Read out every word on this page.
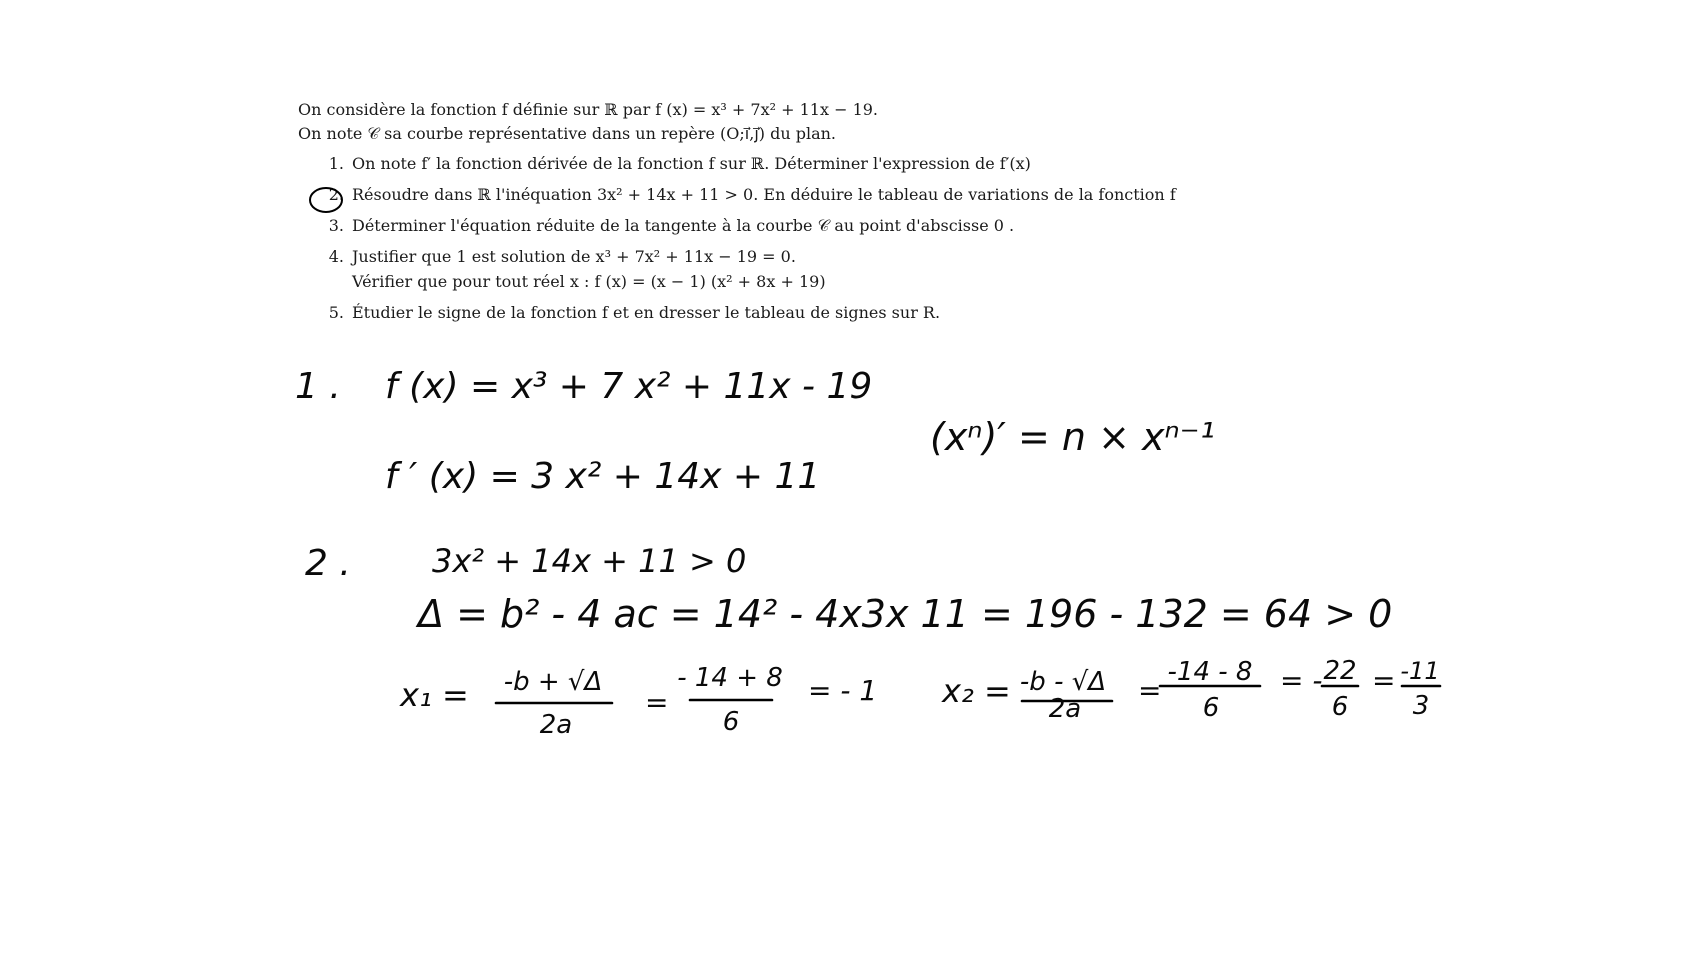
On considère la fonction f définie sur ℝ par f (x) = x³ + 7x² + 11x − 19.

On note 𝒞 sa courbe représentative dans un repère (O;i⃗,j⃗) du plan.

1. On note f′ la fonction dérivée de la fonction f sur ℝ. Déterminer l'expression de f′(x)
2. Résoudre dans ℝ l'inéquation 3x² + 14x + 11 > 0. En déduire le tableau de variations de la fonction f
3. Déterminer l'équation réduite de la tangente à la courbe 𝒞 au point d'abscisse 0 .
4. Justifier que 1 est solution de x³ + 7x² + 11x − 19 = 0.
Vérifier que pour tout réel x : f (x) = (x − 1) (x² + 8x + 19)
5. Étudier le signe de la fonction f et en dresser le tableau de signes sur R.
1 . f (x) = x³ + 7 x² + 11x - 19
f ′ (x) = 3 x² + 14x + 11
(xⁿ)′ = n × xⁿ⁻¹
2 .	3x² + 14x + 11 > 0
Δ = b² - 4 ac = 14² - 4x3x 11 = 196 - 132 = 64 > 0
x₁ = -b + √Δ
2a
=
- 14 + 8
6
= - 1 x₂ = -b - √Δ
2a
=
-14 - 8
6
= - 22
6
= -11
3
